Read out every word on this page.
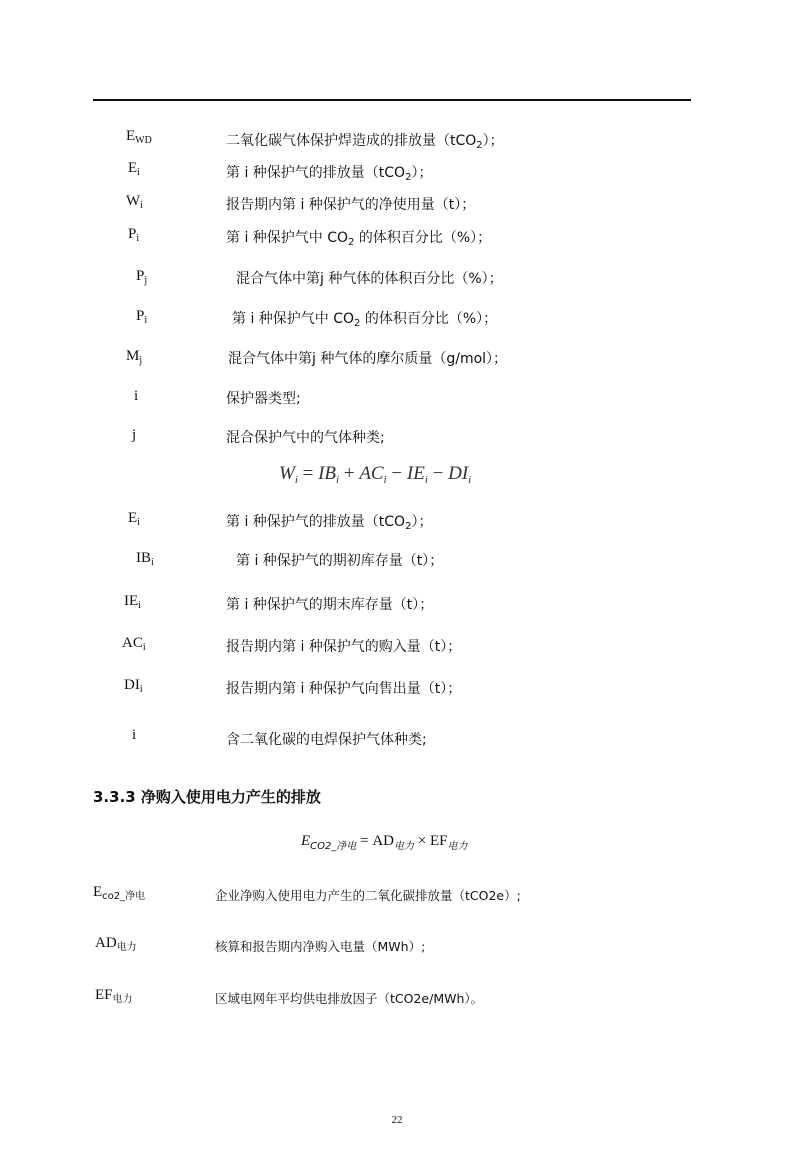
$E_{WD}$	二氧化碳气体保护焊造成的排放量（tCO$_2$）；
$E_i$	第 i 种保护气的排放量（tCO$_2$）；
$W_i$	报告期内第 i 种保护气的净使用量（t）；
$P_i$	第 i 种保护气中 $CO_2$ 的体积百分比（%）；
$P_j$	混合气体中第j 种气体的体积百分比（%）；
$P_i$	第 i 种保护气中 $CO_2$ 的体积百分比（%）；
$M_j$	混合气体中第j 种气体的摩尔质量（g/mol）；
i	保护器类型;
j	混合保护气中的气体种类;
$W_i = IB_i + AC_i - IE_i - DI_i$
$E_i$	第 i 种保护气的排放量（tCO$_2$）；
$IB_i$	第 i 种保护气的期初库存量（t）；
$IE_i$	第 i 种保护气的期末库存量（t）；
$AC_i$	报告期内第 i 种保护气的购入量（t）；
$DI_i$	报告期内第 i 种保护气向售出量（t）；
i	含二氧化碳的电焊保护气体种类;
3.3.3 净购入使用电力产生的排放
$E_{CO2\_净电} = AD_{电力} \times EF_{电力}$
$E_{co2\_净电}$	企业净购入使用电力产生的二氧化碳排放量（tCO2e）;
$AD_{电力}$	核算和报告期内净购入电量（MWh）;
$EF_{电力}$	区域电网年平均供电排放因子（tCO2e/MWh）。
22
